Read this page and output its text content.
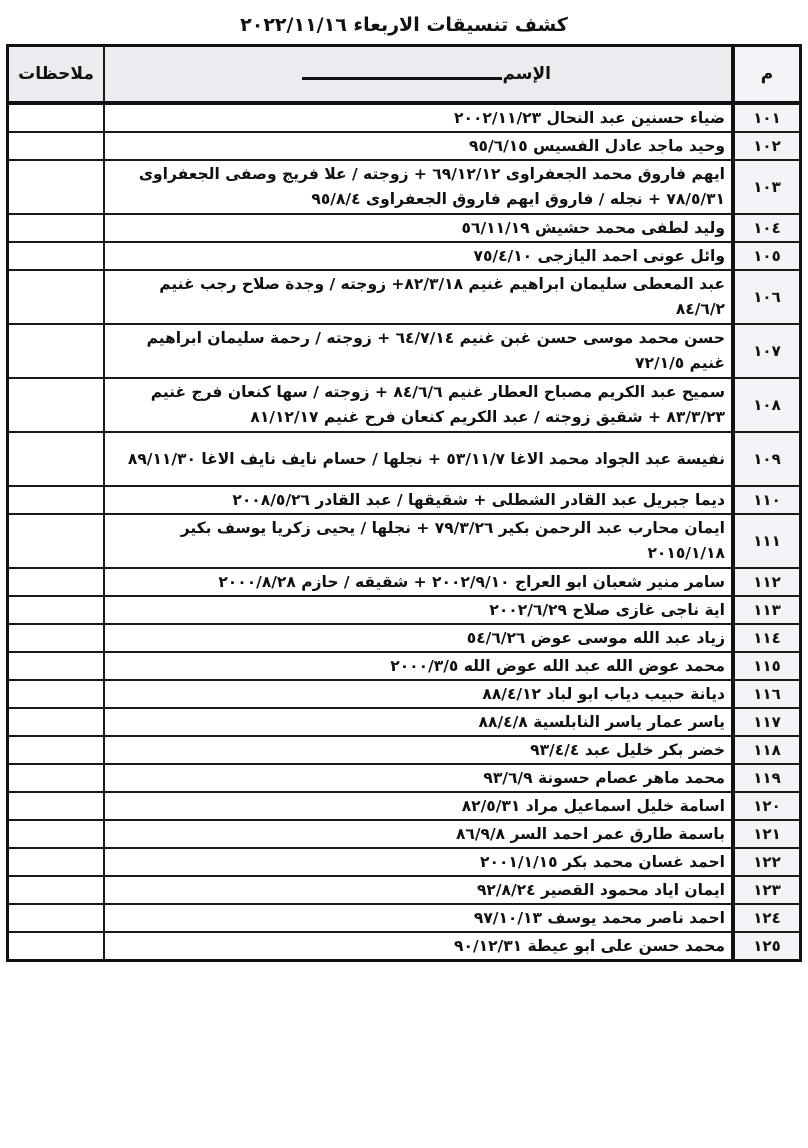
كشف تنسيقات الاربعاء ٢٠٢٢/١١/١٦
م	الإسم	ملاحظات
١٠١	ضياء حسنين عبد النحال ٢٠٠٢/١١/٢٣	
١٠٢	وحيد ماجد عادل الفسيس ٩٥/٦/١٥	
١٠٣	ايهم فاروق محمد الجعفراوى ٦٩/١٢/١٢ + زوجته / علا فريج وصفى الجعفراوى ٧٨/٥/٣١ + نجله / فاروق ايهم فاروق الجعفراوى ٩٥/٨/٤	
١٠٤	وليد لطفى محمد حشيش ٥٦/١١/١٩	
١٠٥	وائل عونى احمد اليازجى ٧٥/٤/١٠	
١٠٦	عبد المعطى سليمان ابراهيم غنيم ٨٢/٣/١٨+ زوجته / وجدة صلاح رجب غنيم ٨٤/٦/٢	
١٠٧	حسن محمد موسى حسن غبن غنيم ٦٤/٧/١٤ + زوجته / رحمة سليمان ابراهيم غنيم ٧٢/١/٥	
١٠٨	سميح عبد الكريم مصباح العطار غنيم ٨٤/٦/٦ + زوجته / سها كنعان فرج غنيم ٨٣/٣/٢٣ + شقيق زوجته / عبد الكريم كنعان فرح غنيم ٨١/١٢/١٧	
١٠٩	نفيسة عبد الجواد محمد الاغا ٥٣/١١/٧ + نجلها / حسام نايف نايف الاغا ٨٩/١١/٣٠	
١١٠	ديما جبريل عبد القادر الشطلى + شقيقها / عبد القادر ٢٠٠٨/٥/٢٦	
١١١	ايمان محارب عبد الرحمن بكير ٧٩/٣/٢٦ + نجلها / يحيى زكريا يوسف بكير ٢٠١٥/١/١٨	
١١٢	سامر منير شعبان ابو العراج ٢٠٠٢/٩/١٠ + شقيقه / حازم ٢٠٠٠/٨/٢٨	
١١٣	اية ناجى غازى صلاح ٢٠٠٢/٦/٢٩	
١١٤	زياد عبد الله موسى عوض ٥٤/٦/٢٦	
١١٥	محمد عوض الله عبد الله عوض الله ٢٠٠٠/٣/٥	
١١٦	ديانة حبيب دياب ابو لباد ٨٨/٤/١٢	
١١٧	ياسر عمار ياسر النابلسية ٨٨/٤/٨	
١١٨	خضر بكر خليل عبد ٩٣/٤/٤	
١١٩	محمد ماهر عصام حسونة ٩٣/٦/٩	
١٢٠	اسامة خليل اسماعيل مراد ٨٢/٥/٣١	
١٢١	باسمة طارق عمر احمد السر ٨٦/٩/٨	
١٢٢	احمد غسان محمد بكر ٢٠٠١/١/١٥	
١٢٣	ايمان اياد محمود القصير ٩٢/٨/٢٤	
١٢٤	احمد ناصر محمد يوسف ٩٧/١٠/١٣	
١٢٥	محمد حسن على ابو عيطة ٩٠/١٢/٣١	
